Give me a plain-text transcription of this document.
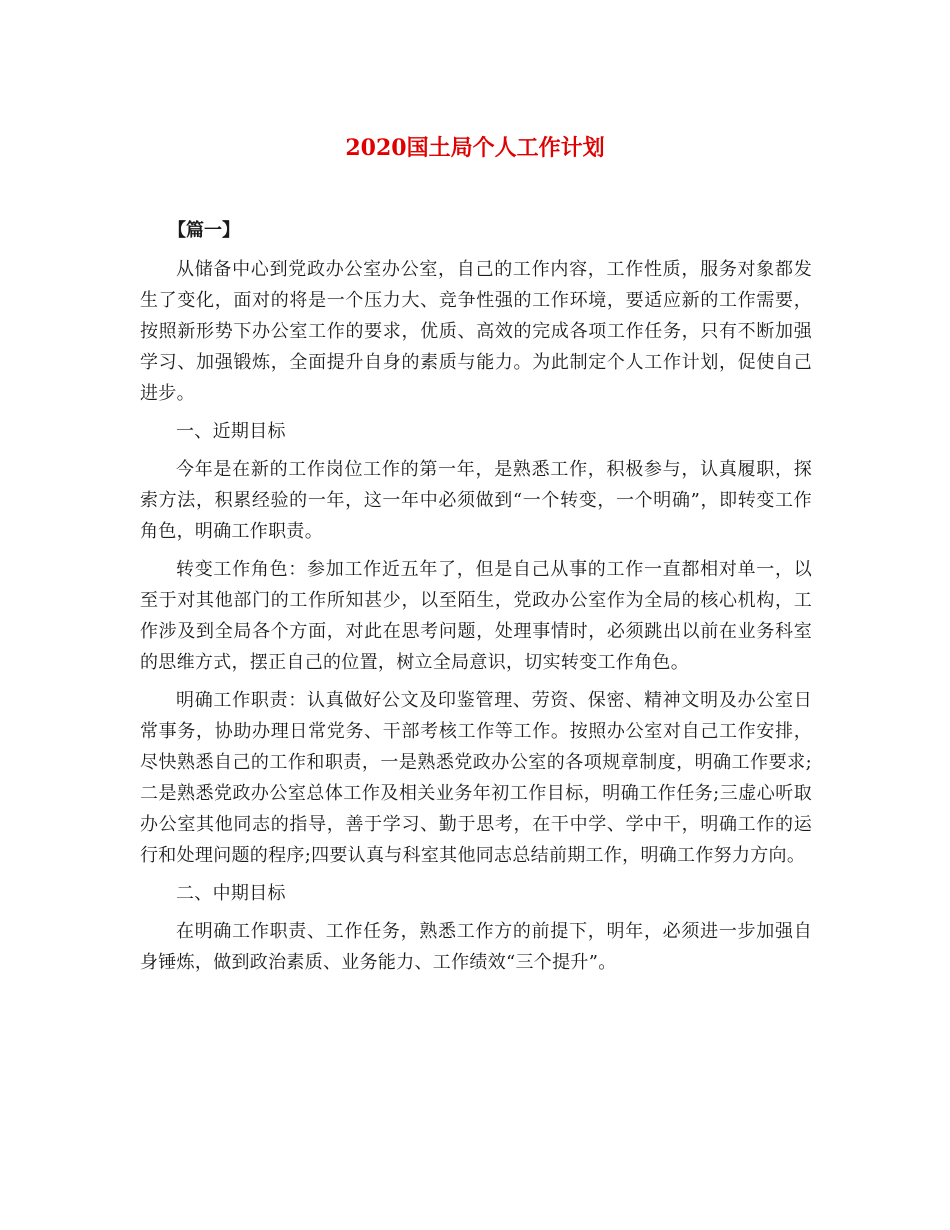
2020国土局个人工作计划
【篇一】

从储备中心到党政办公室办公室，自己的工作内容，工作性质，服务对象都发生了变化，面对的将是一个压力大、竞争性强的工作环境，要适应新的工作需要，按照新形势下办公室工作的要求，优质、高效的完成各项工作任务，只有不断加强学习、加强锻炼，全面提升自身的素质与能力。为此制定个人工作计划，促使自己进步。

一、近期目标

今年是在新的工作岗位工作的第一年，是熟悉工作，积极参与，认真履职，探索方法，积累经验的一年，这一年中必须做到“一个转变，一个明确”，即转变工作角色，明确工作职责。

转变工作角色：参加工作近五年了，但是自己从事的工作一直都相对单一，以至于对其他部门的工作所知甚少，以至陌生，党政办公室作为全局的核心机构，工作涉及到全局各个方面，对此在思考问题，处理事情时，必须跳出以前在业务科室的思维方式，摆正自己的位置，树立全局意识，切实转变工作角色。

明确工作职责：认真做好公文及印鉴管理、劳资、保密、精神文明及办公室日常事务，协助办理日常党务、干部考核工作等工作。按照办公室对自己工作安排，尽快熟悉自己的工作和职责，一是熟悉党政办公室的各项规章制度，明确工作要求;二是熟悉党政办公室总体工作及相关业务年初工作目标，明确工作任务;三虚心听取办公室其他同志的指导，善于学习、勤于思考，在干中学、学中干，明确工作的运行和处理问题的程序;四要认真与科室其他同志总结前期工作，明确工作努力方向。

二、中期目标

在明确工作职责、工作任务，熟悉工作方的前提下，明年，必须进一步加强自身锤炼，做到政治素质、业务能力、工作绩效“三个提升”。
